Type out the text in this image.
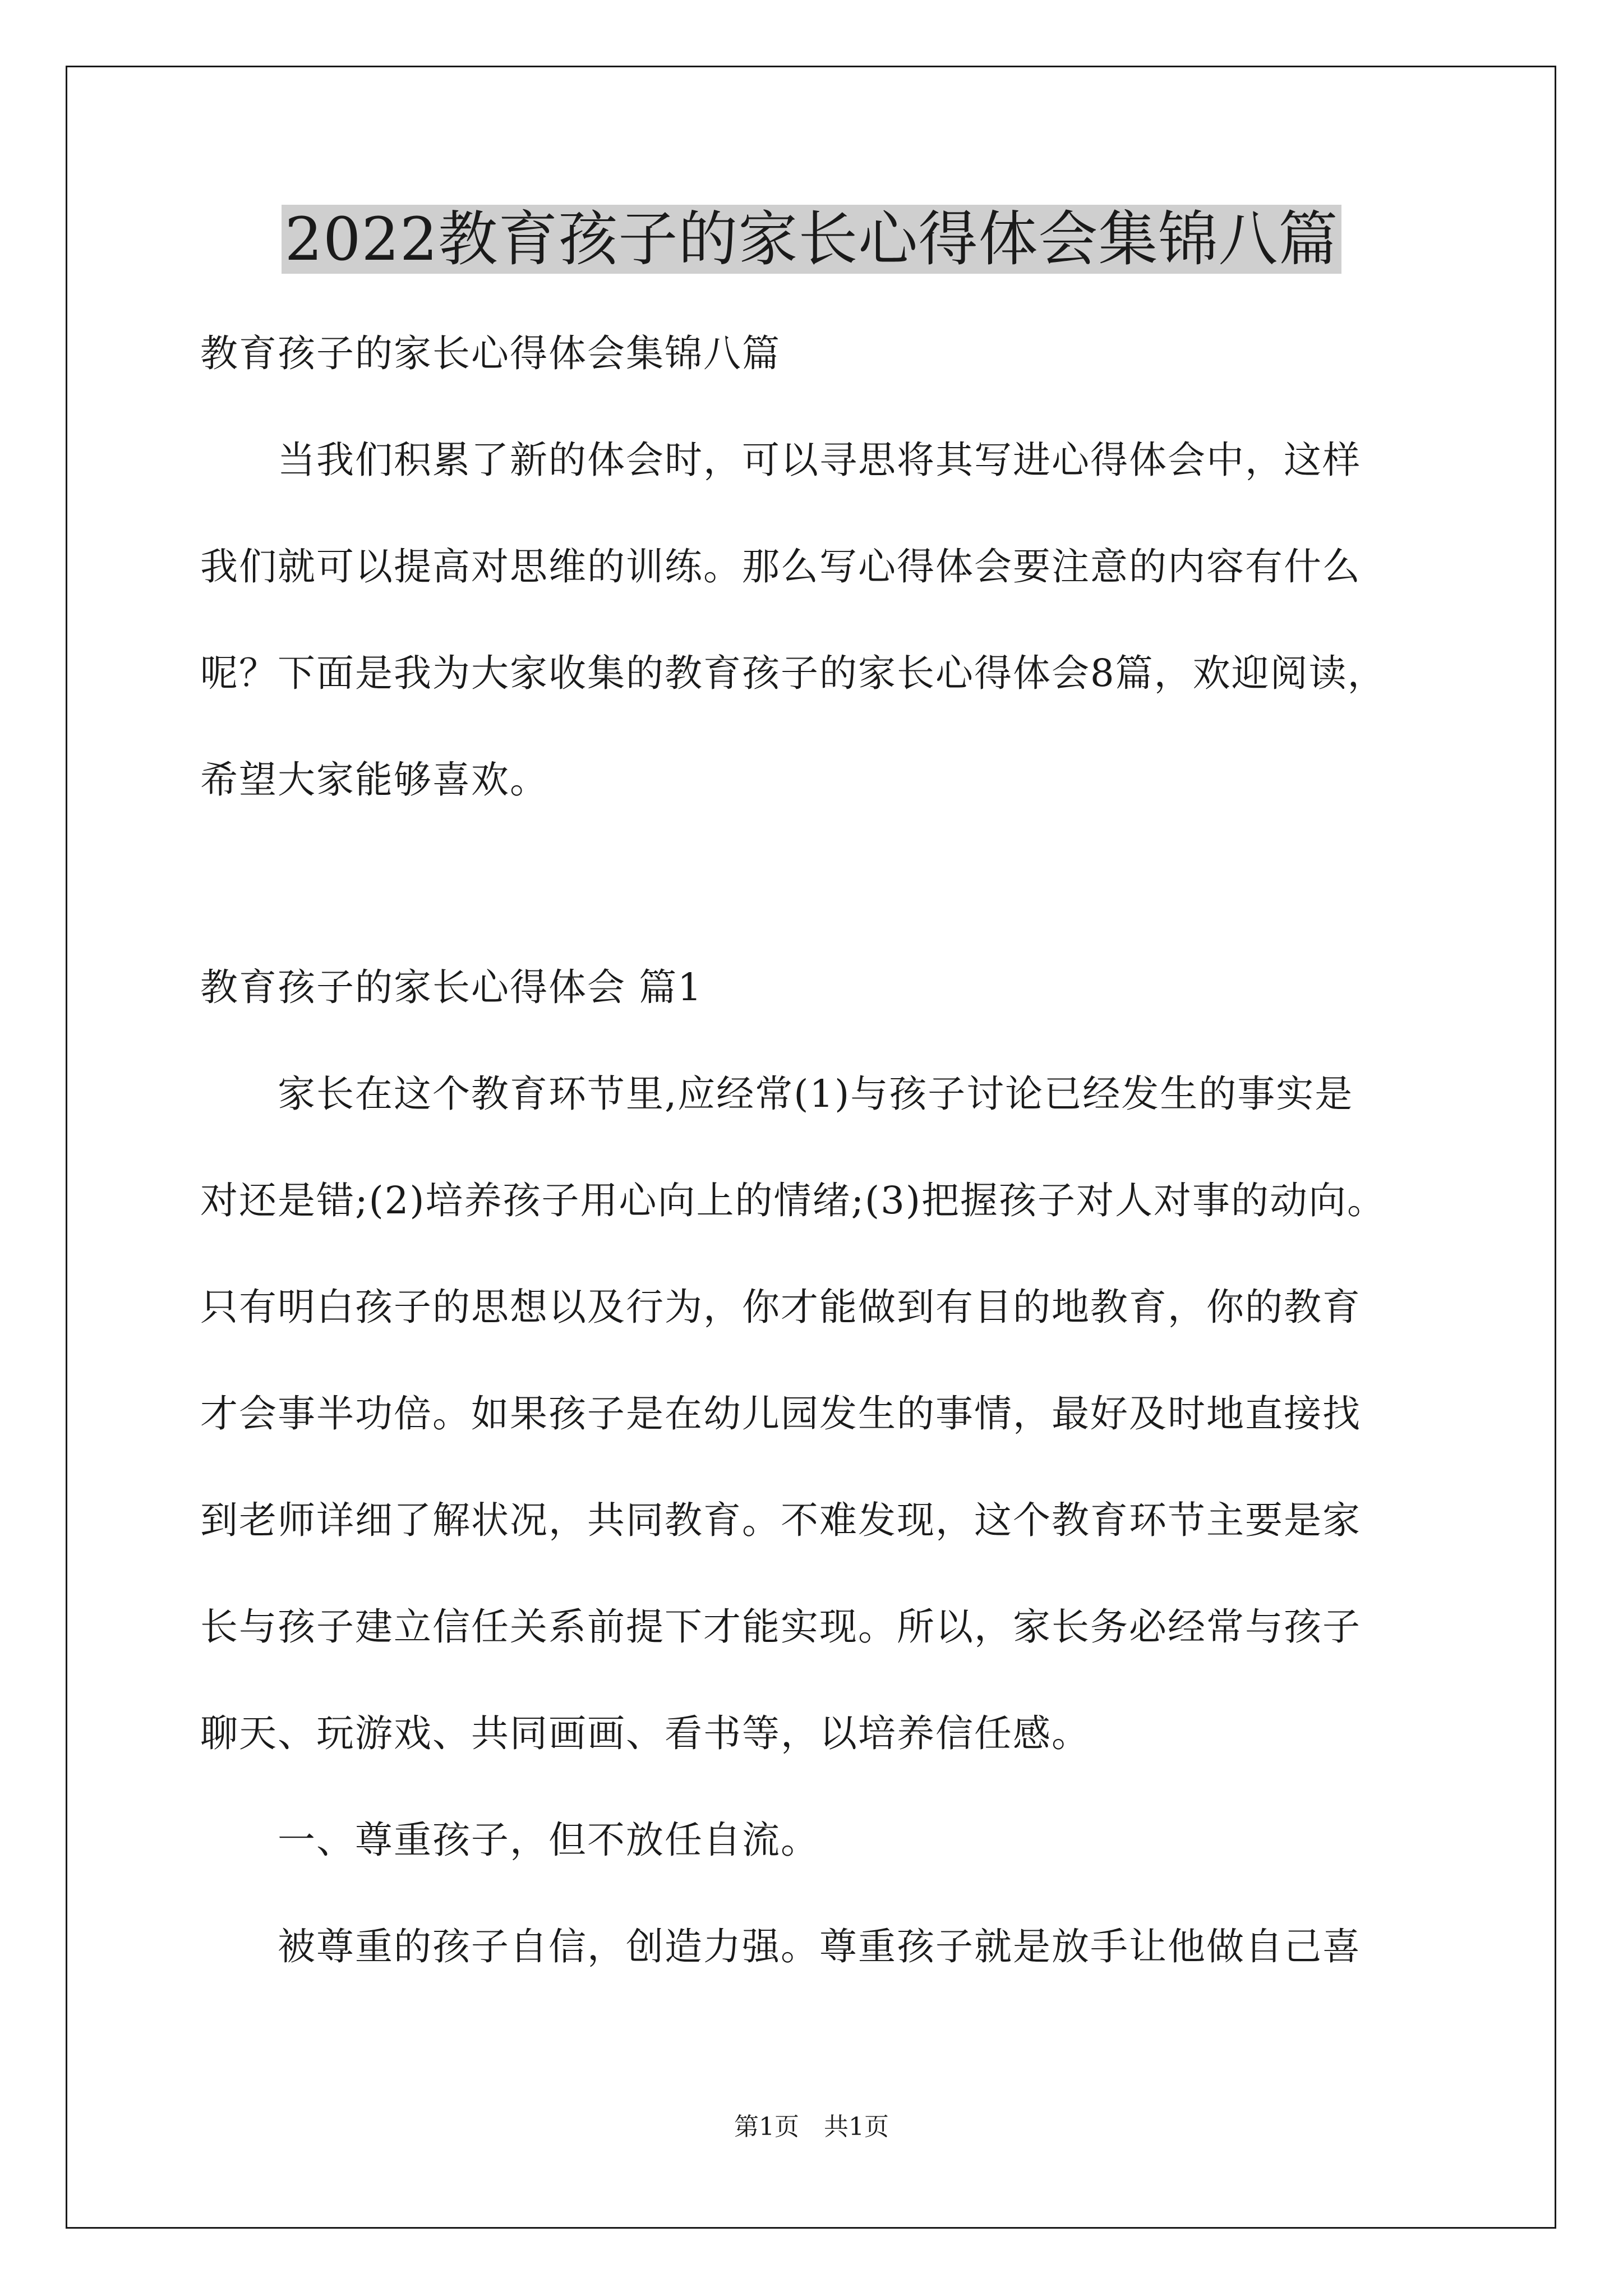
2022教育孩子的家长心得体会集锦八篇
教育孩子的家长心得体会集锦八篇
　　当我们积累了新的体会时，可以寻思将其写进心得体会中，这样
我们就可以提高对思维的训练。那么写心得体会要注意的内容有什么
呢？下面是我为大家收集的教育孩子的家长心得体会8篇，欢迎阅读，
希望大家能够喜欢。
教育孩子的家长心得体会 篇1
　　家长在这个教育环节里,应经常(1)与孩子讨论已经发生的事实是
对还是错;(2)培养孩子用心向上的情绪;(3)把握孩子对人对事的动向。
只有明白孩子的思想以及行为，你才能做到有目的地教育，你的教育
才会事半功倍。如果孩子是在幼儿园发生的事情，最好及时地直接找
到老师详细了解状况，共同教育。不难发现，这个教育环节主要是家
长与孩子建立信任关系前提下才能实现。所以，家长务必经常与孩子
聊天、玩游戏、共同画画、看书等，以培养信任感。
　　一、尊重孩子，但不放任自流。
　　被尊重的孩子自信，创造力强。尊重孩子就是放手让他做自己喜
第1页　共1页
